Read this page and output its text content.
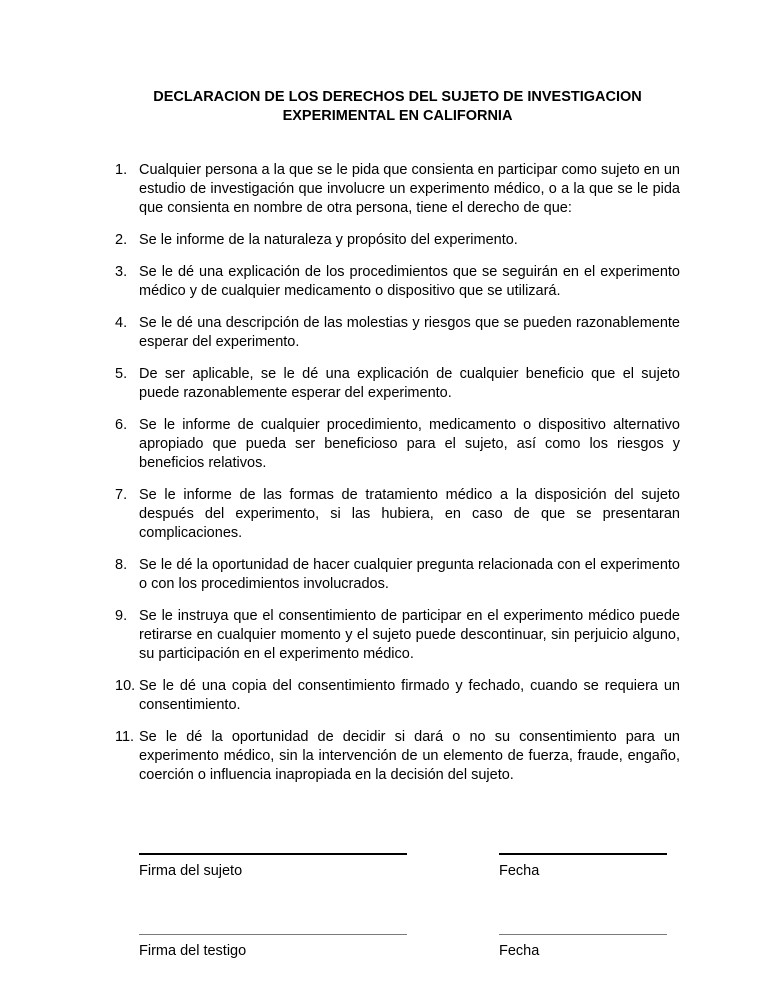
DECLARACION DE LOS DERECHOS DEL SUJETO DE INVESTIGACION
EXPERIMENTAL EN CALIFORNIA
1. Cualquier persona a la que se le pida que consienta en participar como sujeto en un estudio de investigación que involucre un experimento médico, o a la que se le pida que consienta en nombre de otra persona, tiene el derecho de que:
2. Se le informe de la naturaleza y propósito del experimento.
3. Se le dé una explicación de los procedimientos que se seguirán en el experimento médico y de cualquier medicamento o dispositivo que se utilizará.
4. Se le dé una descripción de las molestias y riesgos que se pueden razonablemente esperar del experimento.
5. De ser aplicable, se le dé una explicación de cualquier beneficio que el sujeto puede razonablemente esperar del experimento.
6. Se le informe de cualquier procedimiento, medicamento o dispositivo alternativo apropiado que pueda ser beneficioso para el sujeto, así como los riesgos y beneficios relativos.
7. Se le informe de las formas de tratamiento médico a la disposición del sujeto después del experimento, si las hubiera, en caso de que se presentaran complicaciones.
8. Se le dé la oportunidad de hacer cualquier pregunta relacionada con el experimento o con los procedimientos involucrados.
9. Se le instruya que el consentimiento de participar en el experimento médico puede retirarse en cualquier momento y el sujeto puede descontinuar, sin perjuicio alguno, su participación en el experimento médico.
10. Se le dé una copia del consentimiento firmado y fechado, cuando se requiera un consentimiento.
11. Se le dé la oportunidad de decidir si dará o no su consentimiento para un experimento médico, sin la intervención de un elemento de fuerza, fraude, engaño, coerción o influencia inapropiada en la decisión del sujeto.
Firma del sujeto	Fecha
Firma del testigo	Fecha
